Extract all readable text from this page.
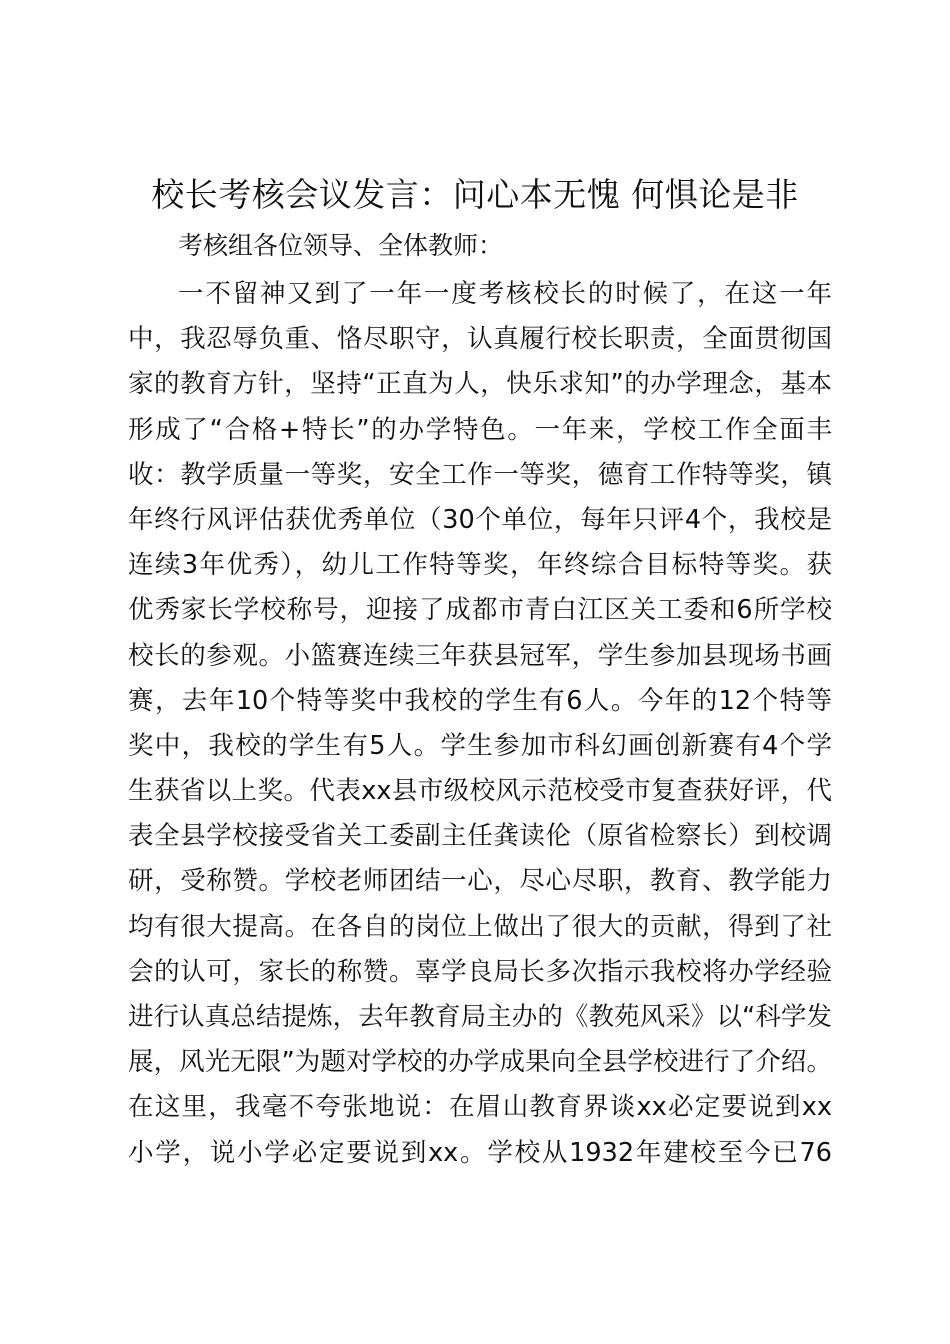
校长考核会议发言：问心本无愧 何惧论是非
考核组各位领导、全体教师：
一不留神又到了一年一度考核校长的时候了，在这一年
中，我忍辱负重、恪尽职守，认真履行校长职责，全面贯彻国
家的教育方针，坚持“正直为人，快乐求知”的办学理念，基本
形成了“合格+特长”的办学特色。一年来，学校工作全面丰
收：教学质量一等奖，安全工作一等奖，德育工作特等奖，镇
年终行风评估获优秀单位（30个单位，每年只评4个，我校是
连续3年优秀），幼儿工作特等奖，年终综合目标特等奖。获
优秀家长学校称号，迎接了成都市青白江区关工委和6所学校
校长的参观。小篮赛连续三年获县冠军，学生参加县现场书画
赛，去年10个特等奖中我校的学生有6人。今年的12个特等
奖中，我校的学生有5人。学生参加市科幻画创新赛有4个学
生获省以上奖。代表xx县市级校风示范校受市复查获好评，代
表全县学校接受省关工委副主任龚读伦（原省检察长）到校调
研，受称赞。学校老师团结一心，尽心尽职，教育、教学能力
均有很大提高。在各自的岗位上做出了很大的贡献，得到了社
会的认可，家长的称赞。辜学良局长多次指示我校将办学经验
进行认真总结提炼，去年教育局主办的《教苑风采》以“科学发
展，风光无限”为题对学校的办学成果向全县学校进行了介绍。
在这里，我毫不夸张地说：在眉山教育界谈xx必定要说到xx
小学，说小学必定要说到xx。学校从1932年建校至今已76
